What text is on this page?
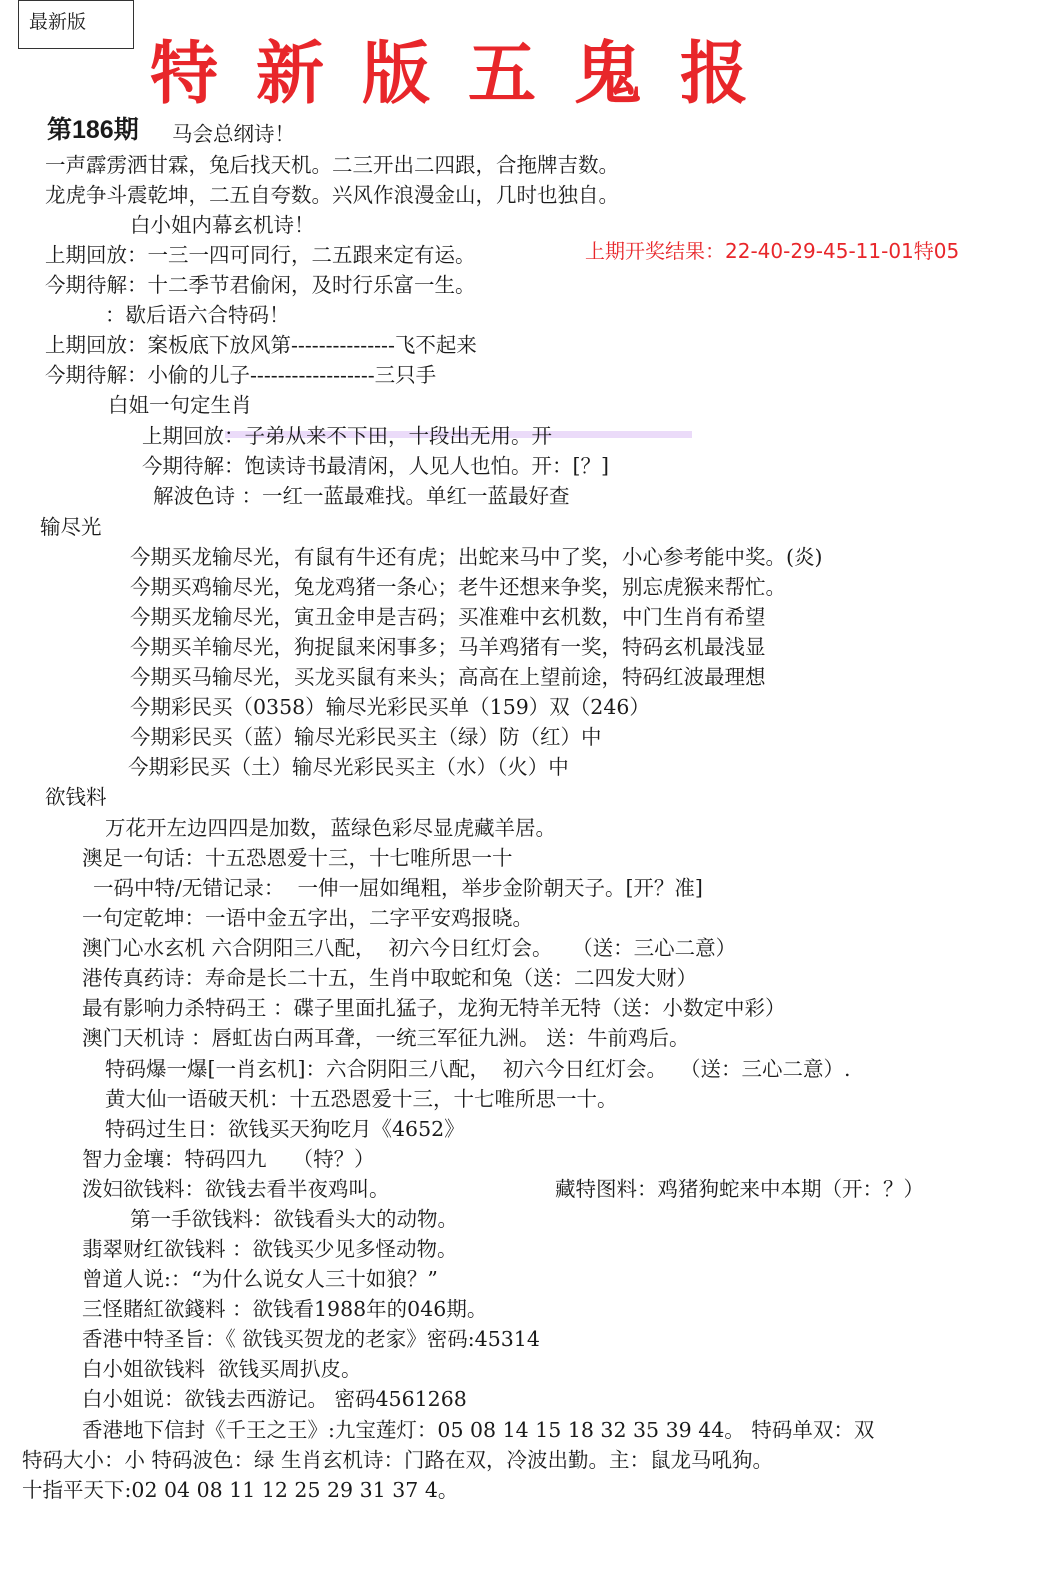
最新版
特新版五鬼报
第186期
上期开奖结果：22-40-29-45-11-01特05
马会总纲诗！
一声霹雳洒甘霖，兔后找天机。二三开出二四跟，合拖牌吉数。
龙虎争斗震乾坤，二五自夸数。兴风作浪漫金山，几时也独自。
白小姐内幕玄机诗！
上期回放：一三一四可同行，二五跟来定有运。
今期待解：十二季节君偷闲，及时行乐富一生。
：歇后语六合特码！
上期回放：案板底下放风第---------------飞不起来
今期待解：小偷的儿子------------------三只手
白姐一句定生肖
上期回放：子弟从来不下田，十段出无用。开
今期待解：饱读诗书最清闲，人见人也怕。开：[？]
解波色诗 ：一红一蓝最难找。单红一蓝最好查
输尽光
今期买龙输尽光，有鼠有牛还有虎；出蛇来马中了奖，小心参考能中奖。(炎)
今期买鸡输尽光，兔龙鸡猪一条心；老牛还想来争奖，别忘虎猴来帮忙。
今期买龙输尽光，寅丑金申是吉码；买准难中玄机数，中门生肖有希望
今期买羊输尽光，狗捉鼠来闲事多；马羊鸡猪有一奖，特码玄机最浅显
今期买马输尽光，买龙买鼠有来头；高高在上望前途，特码红波最理想
今期彩民买（0358）输尽光彩民买单（159）双（246）
今期彩民买（蓝）输尽光彩民买主（绿）防（红）中
今期彩民买（土）输尽光彩民买主（水）（火）中
欲钱料
万花开左边四四是加数，蓝绿色彩尽显虎藏羊居。
澳足一句话：十五恐恩爱十三，十七唯所思一十
一码中特/无错记录：  一伸一屈如绳粗，举步金阶朝天子。[开？准]
一句定乾坤：一语中金五字出，二字平安鸡报晓。
澳门心水玄机 六合阴阳三八配，  初六今日红灯会。   （送：三心二意）
港传真药诗：寿命是长二十五，生肖中取蛇和兔（送：二四发大财）
最有影响力杀特码王 ：碟子里面扎猛子，龙狗无特羊无特（送：小数定中彩）
澳门天机诗 ：唇虹齿白两耳聋，一统三军征九洲。 送：牛前鸡后。
特码爆一爆[一肖玄机]：六合阴阳三八配，  初六今日红灯会。  （送：三心二意）.
黄大仙一语破天机：十五恐恩爱十三，十七唯所思一十。
特码过生日：欲钱买天狗吃月《4652》
智力金壤：特码四九    （特？）
泼妇欲钱料：欲钱去看半夜鸡叫。	藏特图料：鸡猪狗蛇来中本期（开：？）
第一手欲钱料：欲钱看头大的动物。
翡翠财红欲钱料 ：欲钱买少见多怪动物。
曾道人说:：“为什么说女人三十如狼？”
三怪賭紅欲錢料 ：欲钱看1988年的046期。
香港中特圣旨：《 欲钱买贺龙的老家》密码:45314
白小姐欲钱料  欲钱买周扒皮。
白小姐说：欲钱去西游记。 密码4561268
香港地下信封《千王之王》:九宝莲灯：05 08 14 15 18 32 35 39 44。 特码单双：双
特码大小：小 特码波色：绿 生肖玄机诗：门路在双，冷波出勤。主：鼠龙马吼狗。
十指平天下:02 04 08 11 12 25 29 31 37 4。
